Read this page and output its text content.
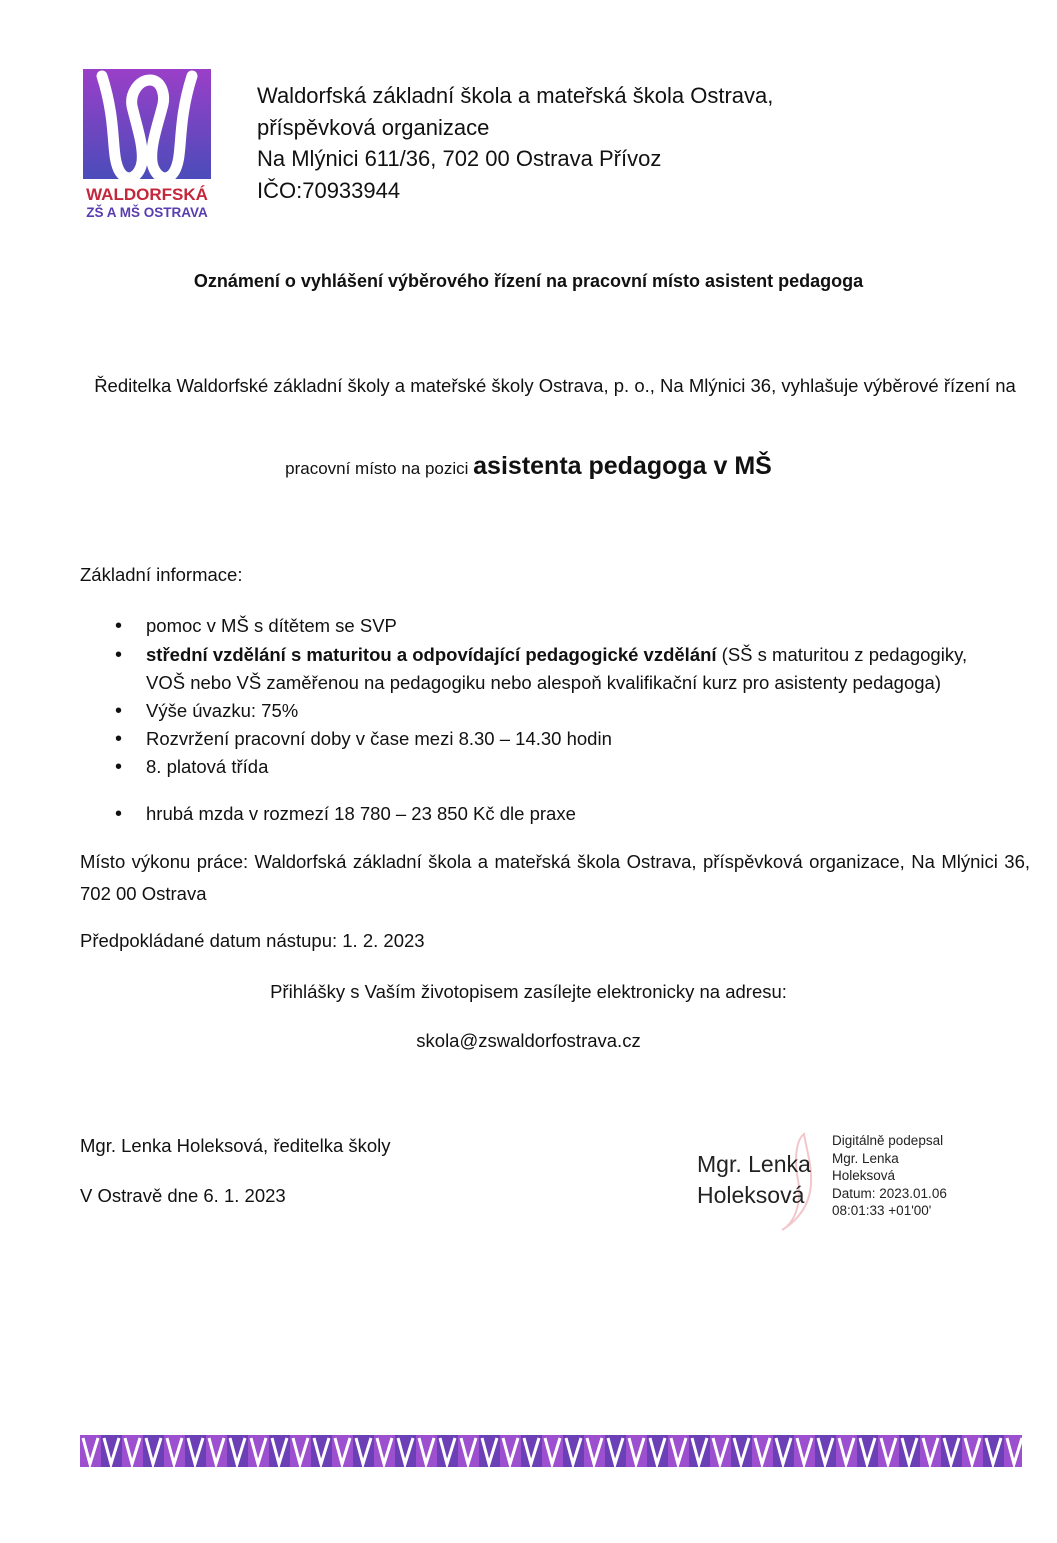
WALDORFSKÁ
ZŠ A MŠ OSTRAVA
Waldorfská základní škola a mateřská škola Ostrava,
příspěvková organizace
Na Mlýnici 611/36, 702 00 Ostrava Přívoz
IČO:70933944
Oznámení o vyhlášení výběrového řízení na pracovní místo asistent pedagoga
Ředitelka Waldorfské základní školy a mateřské školy Ostrava, p. o., Na Mlýnici 36, vyhlašuje výběrové řízení na
pracovní místo na pozici asistenta pedagoga v MŠ
Základní informace:
• pomoc v MŠ s dítětem se SVP
• střední vzdělání s maturitou a odpovídající pedagogické vzdělání (SŠ s maturitou z pedagogiky,
VOŠ nebo VŠ zaměřenou na pedagogiku nebo alespoň kvalifikační kurz pro asistenty pedagoga)
• Výše úvazku: 75%
• Rozvržení pracovní doby v čase mezi 8.30 – 14.30 hodin
• 8. platová třída
• hrubá mzda v rozmezí 18 780 – 23 850 Kč dle praxe
Místo výkonu práce: Waldorfská základní škola a mateřská škola Ostrava, příspěvková organizace, Na Mlýnici 36, 702 00 Ostrava
Předpokládané datum nástupu: 1. 2. 2023
Přihlášky s Vaším životopisem zasílejte elektronicky na adresu:
skola@zswaldorfostrava.cz
Mgr. Lenka Holeksová, ředitelka školy
V Ostravě dne 6. 1. 2023
Mgr. Lenka
Holeksová
Digitálně podepsal
Mgr. Lenka
Holeksová
Datum: 2023.01.06
08:01:33 +01'00'
